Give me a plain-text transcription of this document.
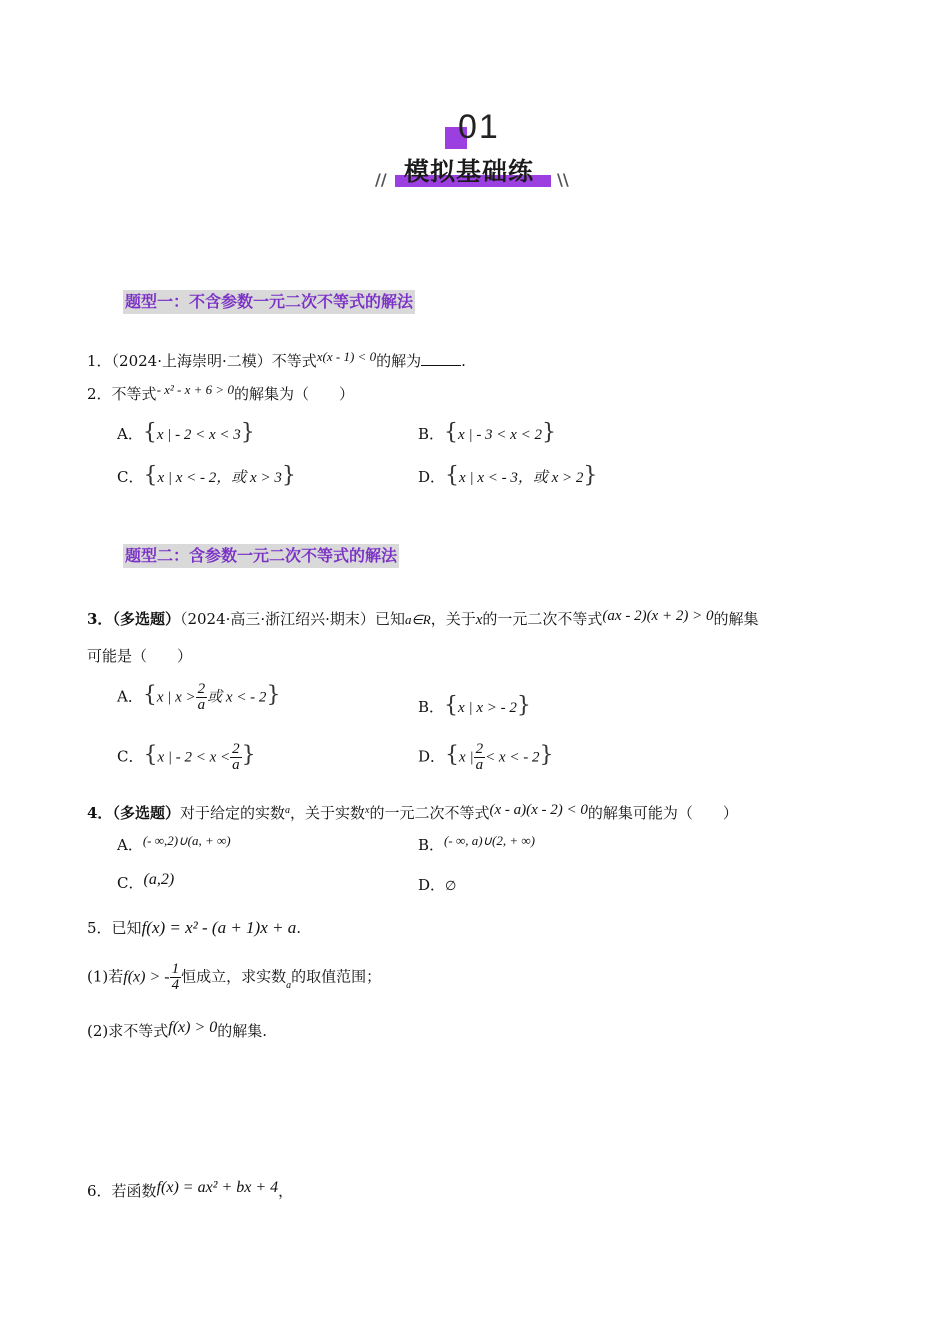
01
模拟基础练
//	\\
题型一：不含参数一元二次不等式的解法
1．（2024·上海崇明·二模）不等式x(x - 1) < 0的解为	.
2．不等式- x² - x + 6 > 0的解集为（　　）
A．{x | - 2 < x < 3}	B．{x | - 3 < x < 2}
C．{x | x < - 2，或 x > 3}	D．{x | x < - 3，或 x > 2}
题型二：含参数一元二次不等式的解法
3．（多选题）（2024·高三·浙江绍兴·期末）已知a∈R，关于x的一元二次不等式(ax - 2)(x + 2) > 0的解集
可能是（　　）
A．{x | $x > \frac{2}{a}$ 或 x < - 2}	B．{x | x > - 2}
C．{x | - $2 < x < \frac{2}{a}$ }	D．{x | $\frac{2}{a} < x$ < - 2}
4．（多选题）对于给定的实数$^a$，关于实数$^x$的一元二次不等式(x - a)(x - 2) < 0的解集可能为（　　）
A．(- ∞,2)∪(a, + ∞)	B．(- ∞, a)∪(2, + ∞)
C．(a,2)	D．∅
5．已知f(x) = x² - (a + 1)x + a.
(1)若f(x) > - $\frac{1}{4}$ 恒成立，求实数$_a$的取值范围；
(2)求不等式f(x) > 0的解集.
6．若函数f(x) = ax² + bx + 4，
